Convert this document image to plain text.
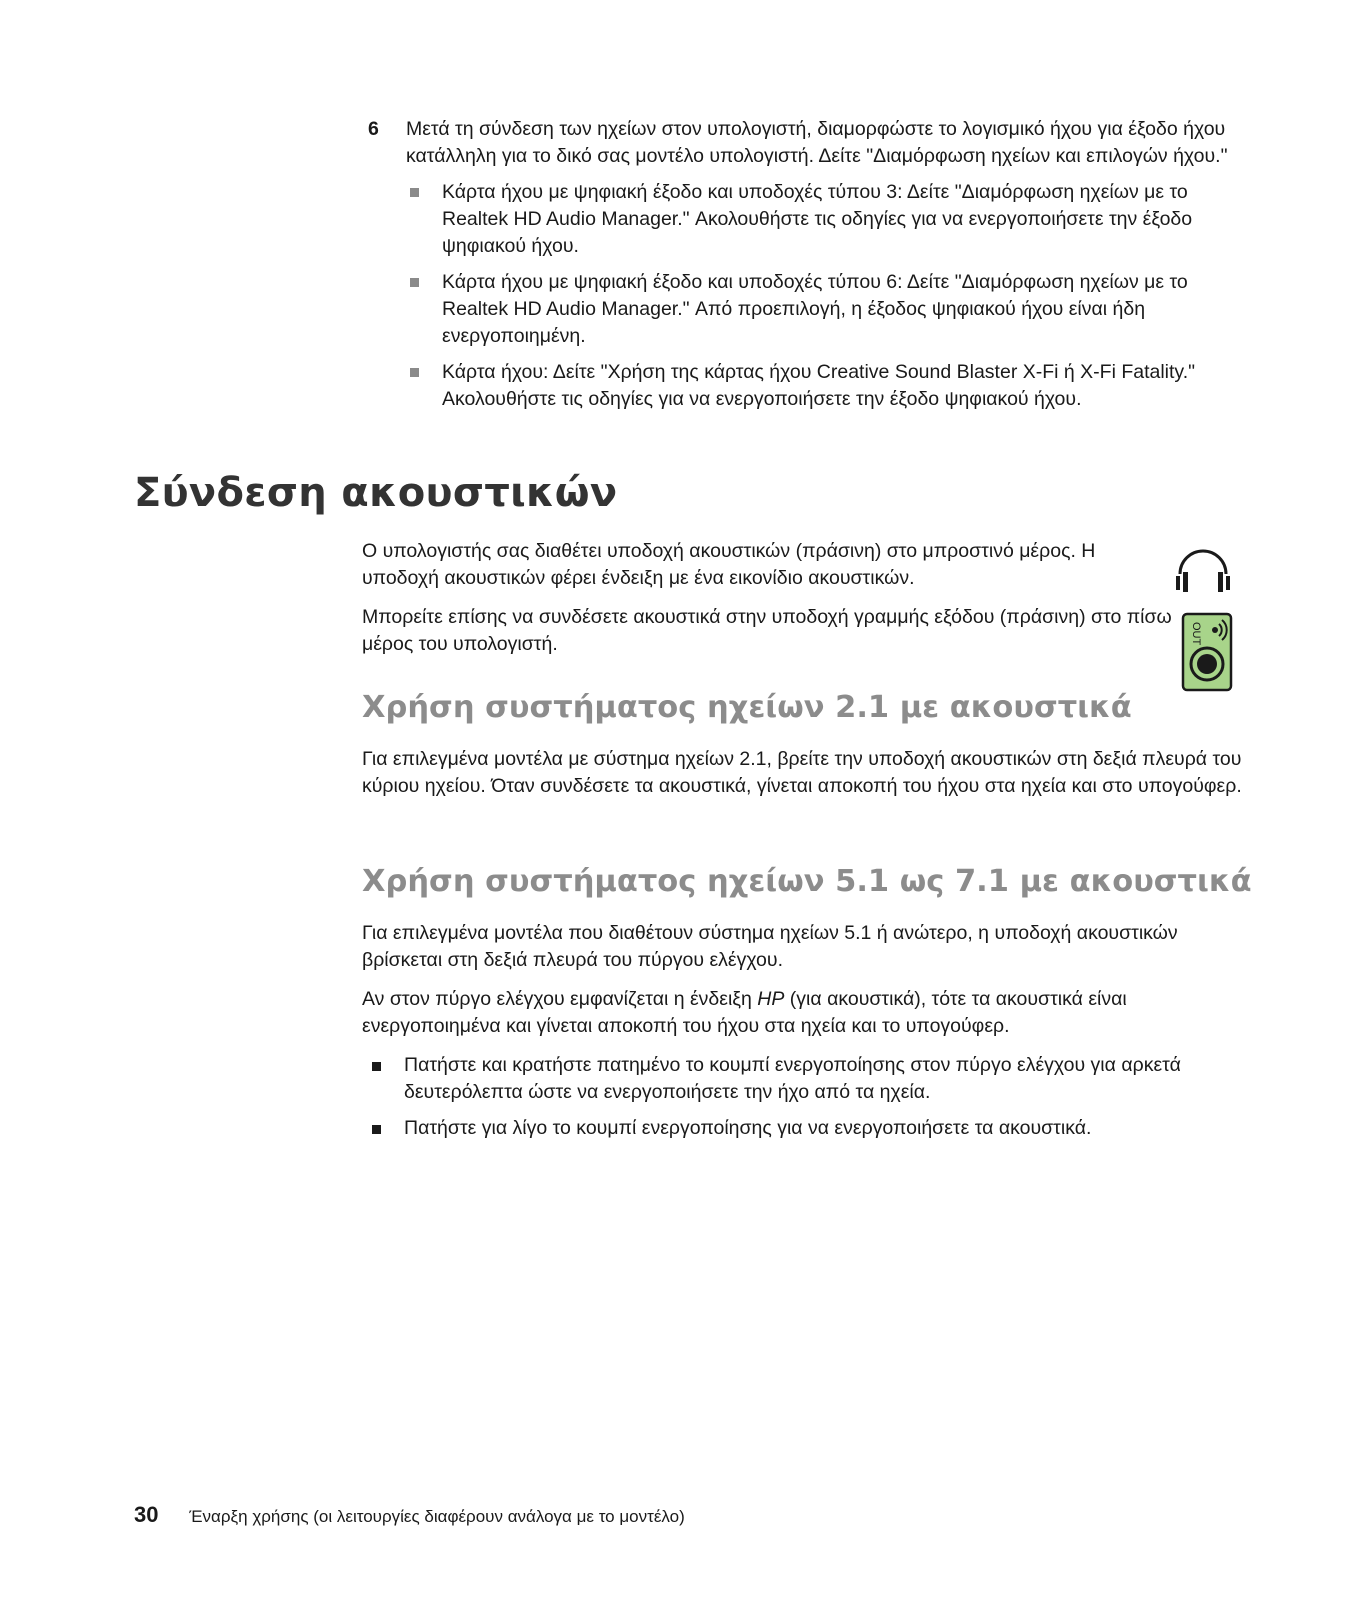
6 Μετά τη σύνδεση των ηχείων στον υπολογιστή, διαμορφώστε το λογισμικό ήχου για έξοδο ήχου κατάλληλη για το δικό σας μοντέλο υπολογιστή. Δείτε "Διαμόρφωση ηχείων και επιλογών ήχου."
Κάρτα ήχου με ψηφιακή έξοδο και υποδοχές τύπου 3: Δείτε "Διαμόρφωση ηχείων με το Realtek HD Audio Manager." Ακολουθήστε τις οδηγίες για να ενεργοποιήσετε την έξοδο ψηφιακού ήχου.
Κάρτα ήχου με ψηφιακή έξοδο και υποδοχές τύπου 6: Δείτε "Διαμόρφωση ηχείων με το Realtek HD Audio Manager." Από προεπιλογή, η έξοδος ψηφιακού ήχου είναι ήδη ενεργοποιημένη.
Κάρτα ήχου: Δείτε "Χρήση της κάρτας ήχου Creative Sound Blaster X-Fi ή X-Fi Fatality." Ακολουθήστε τις οδηγίες για να ενεργοποιήσετε την έξοδο ψηφιακού ήχου.
Σύνδεση ακουστικών

Ο υπολογιστής σας διαθέτει υποδοχή ακουστικών (πράσινη) στο μπροστινό μέρος. Η υποδοχή ακουστικών φέρει ένδειξη με ένα εικονίδιο ακουστικών.

Μπορείτε επίσης να συνδέσετε ακουστικά στην υποδοχή γραμμής εξόδου (πράσινη) στο πίσω μέρος του υπολογιστή.	OUT
Χρήση συστήματος ηχείων 2.1 με ακουστικά

Για επιλεγμένα μοντέλα με σύστημα ηχείων 2.1, βρείτε την υποδοχή ακουστικών στη δεξιά πλευρά του κύριου ηχείου. Όταν συνδέσετε τα ακουστικά, γίνεται αποκοπή του ήχου στα ηχεία και στο υπογούφερ.

Χρήση συστήματος ηχείων 5.1 ως 7.1 με ακουστικά

Για επιλεγμένα μοντέλα που διαθέτουν σύστημα ηχείων 5.1 ή ανώτερο, η υποδοχή ακουστικών βρίσκεται στη δεξιά πλευρά του πύργου ελέγχου.

Αν στον πύργο ελέγχου εμφανίζεται η ένδειξη HP (για ακουστικά), τότε τα ακουστικά είναι ενεργοποιημένα και γίνεται αποκοπή του ήχου στα ηχεία και το υπογούφερ.

Πατήστε και κρατήστε πατημένο το κουμπί ενεργοποίησης στον πύργο ελέγχου για αρκετά δευτερόλεπτα ώστε να ενεργοποιήσετε την ήχο από τα ηχεία.
Πατήστε για λίγο το κουμπί ενεργοποίησης για να ενεργοποιήσετε τα ακουστικά.
30 Έναρξη χρήσης (οι λειτουργίες διαφέρουν ανάλογα με το μοντέλο)
